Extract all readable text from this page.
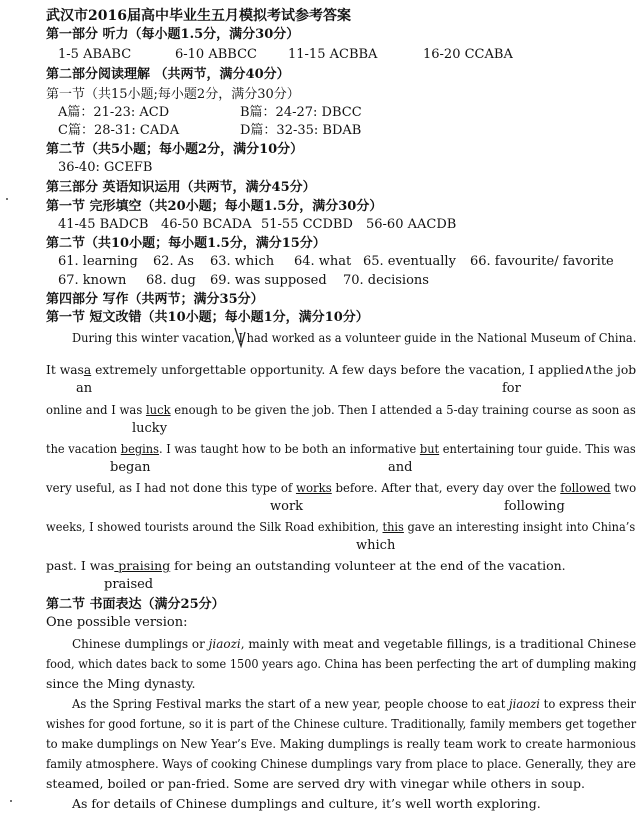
武汉市2016届高中毕业生五月模拟考试参考答案
第一部分 听力（每小题1.5分，满分30分）
1-5 ABABC	6-10 ABBCC 11-15 ACBBA	16-20 CCABA
第二部分阅读理解 （共两节，满分40分）
第一节（共15小题;每小题2分，满分30分）
A篇：21-23: ACD	B篇：24-27: DBCC
C篇：28-31: CADA	D篇：32-35: BDAB
第二节（共5小题；每小题2分，满分10分）
36-40: GCEFB
第三部分 英语知识运用（共两节，满分45分）
第一节 完形填空（共20小题；每小题1.5分，满分30分）
41-45 BADCB 46-50 BCADA 51-55 CCDBD 56-60 AACDB
第二节（共10小题；每小题1.5分，满分15分）
61. learning 62. As 63. which 64. what 65. eventually 66. favourite/ favorite
67. known 68. dug 69. was supposed 70. decisions
第四部分 写作（共两节；满分35分）
第一节 短文改错（共10小题；每小题1分，满分10分）
During this winter vacation, I had worked as a volunteer guide in the National Museum of China.
It wasa extremely unforgettable opportunity. A few days before the vacation, I applied∧the job
an	for
online and I was luck enough to be given the job. Then I attended a 5-day training course as soon as
lucky
the vacation begins. I was taught how to be both an informative but entertaining tour guide. This was
began	and
very useful, as I had not done this type of works before. After that, every day over the followed two
work	following
weeks, I showed tourists around the Silk Road exhibition, this gave an interesting insight into China’s
which
past. I was praising for being an outstanding volunteer at the end of the vacation.
praised
第二节 书面表达（满分25分）
One possible version:
Chinese dumplings or jiaozi, mainly with meat and vegetable fillings, is a traditional Chinese
food, which dates back to some 1500 years ago. China has been perfecting the art of dumpling making
since the Ming dynasty.
As the Spring Festival marks the start of a new year, people choose to eat jiaozi to express their
wishes for good fortune, so it is part of the Chinese culture. Traditionally, family members get together
to make dumplings on New Year’s Eve. Making dumplings is really team work to create harmonious
family atmosphere. Ways of cooking Chinese dumplings vary from place to place. Generally, they are
steamed, boiled or pan-fried. Some are served dry with vinegar while others in soup.
As for details of Chinese dumplings and culture, it’s well worth exploring.
